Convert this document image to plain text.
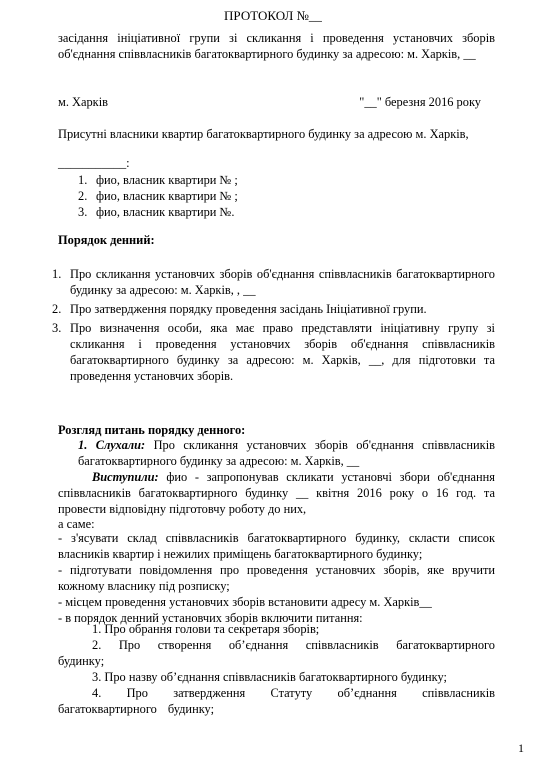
ПРОТОКОЛ №__
засідання ініціативної групи зі скликання і проведення установчих зборів об'єднання співвласників багатоквартирного будинку за адресою: м. Харків, __
м. Харків	"__" березня 2016 року
Присутні власники квартир багатоквартирного будинку за адресою м. Харків,
___________:
1. фио, власник квартири № ;
2. фио, власник квартири № ;
3. фио, власник квартири №.
Порядок денний:
1. Про скликання установчих зборів об'єднання співвласників багатоквартирного будинку за адресою: м. Харків, , __
2. Про затвердження порядку проведення засідань Ініціативної групи.
3. Про визначення особи, яка має право представляти ініціативну групу зі скликання і проведення установчих зборів об'єднання співвласників багатоквартирного будинку за адресою: м. Харків, __, для підготовки та проведення установчих зборів.
Розгляд питань порядку денного:
1. Слухали: Про скликання установчих зборів об'єднання співвласників багатоквартирного будинку за адресою: м. Харків, __
Виступили: фио - запропонував скликати установчі збори об'єднання співвласників багатоквартирного будинку __ квітня 2016 року о 16 год. та провести відповідну підготовчу роботу до них,
а саме:
- з'ясувати склад співвласників багатоквартирного будинку, скласти список власників квартир і нежилих приміщень багатоквартирного будинку;
- підготувати повідомлення про проведення установчих зборів, яке вручити кожному власнику під розписку;
- місцем проведення установчих зборів встановити адресу м. Харків__
- в порядок денний установчих зборів включити питання:
1. Про обрання голови та секретаря зборів;
2. Про створення об’єднання співвласників багатоквартирного будинку;
3. Про назву об’єднання співвласників багатоквартирного будинку;
4. Про затвердження Статуту об’єднання співвласників багатоквартирного будинку;
1
